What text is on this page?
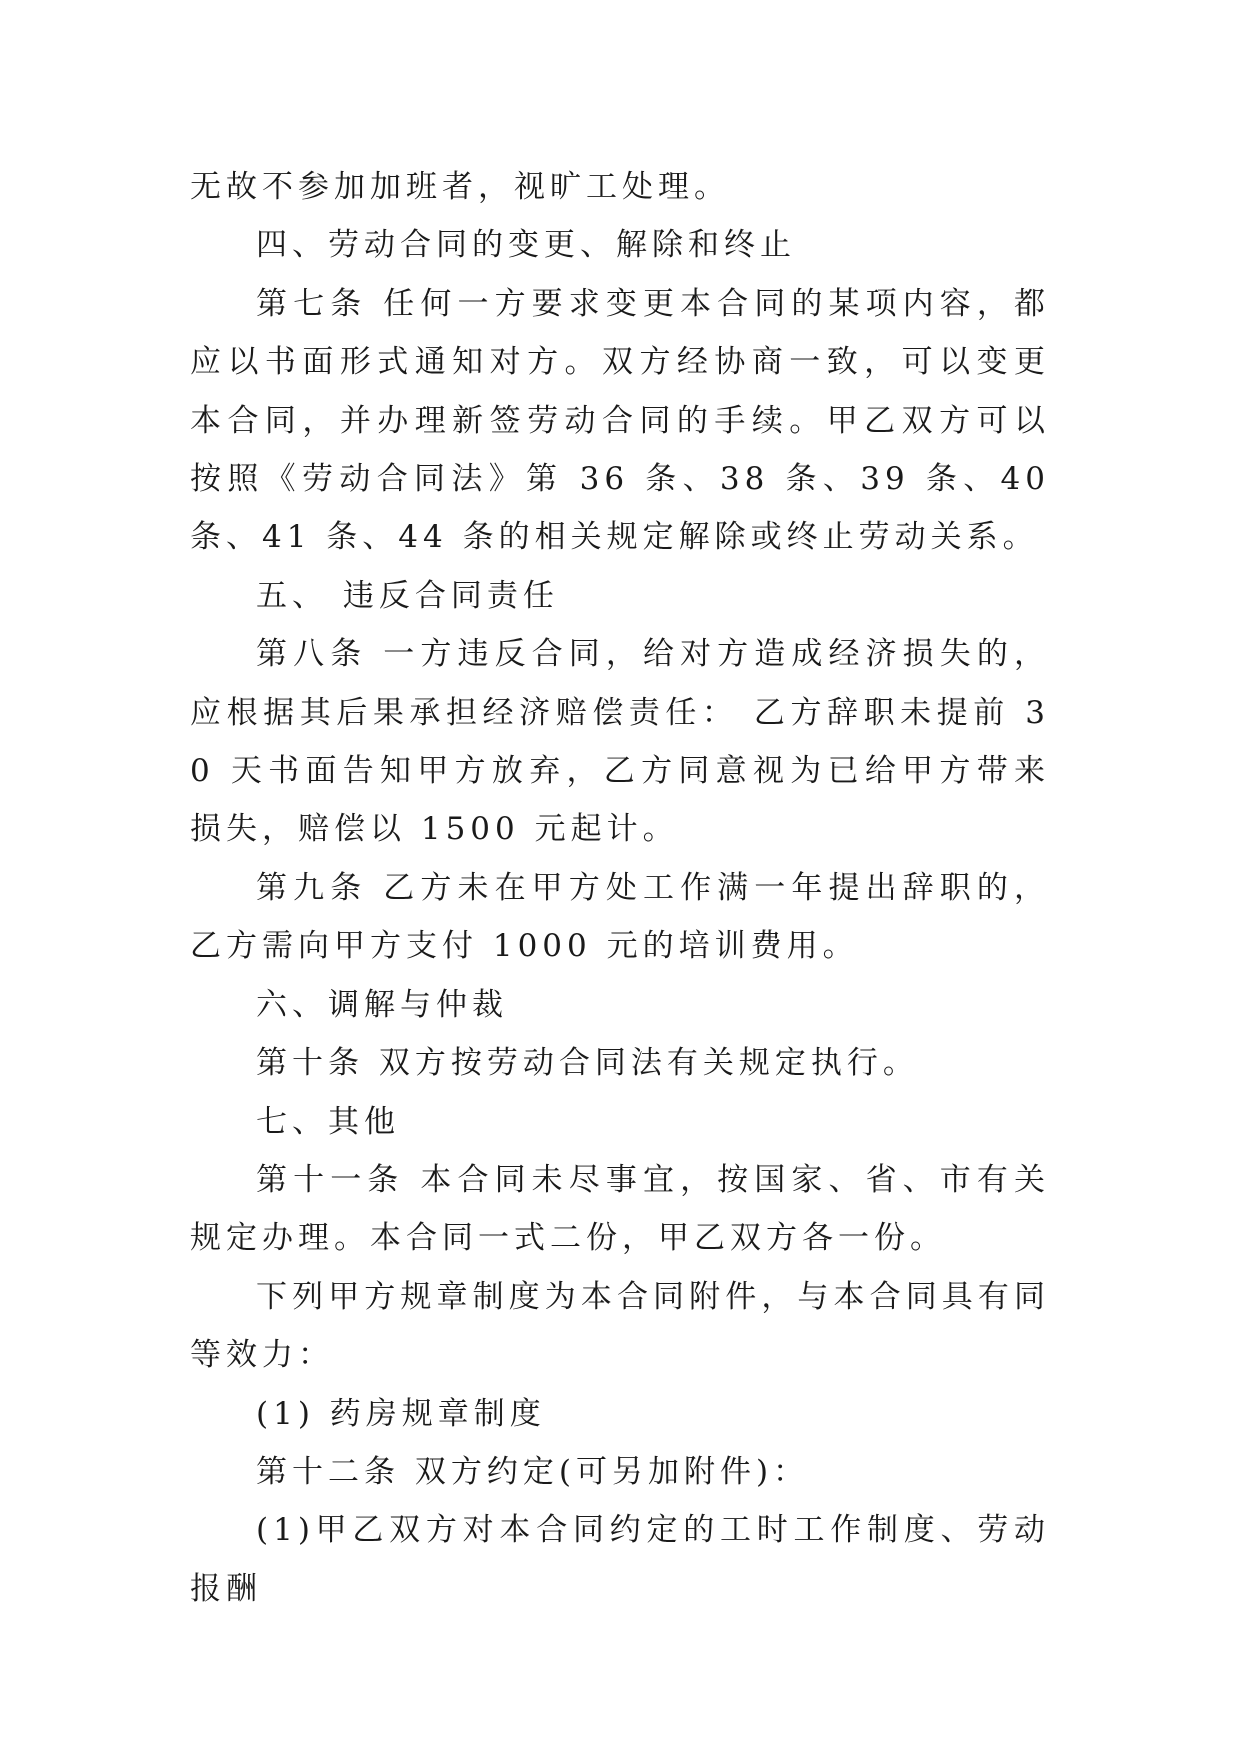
无故不参加加班者，视旷工处理。

四、劳动合同的变更、解除和终止

第七条 任何一方要求变更本合同的某项内容，都应以书面形式通知对方。双方经协商一致，可以变更本合同，并办理新签劳动合同的手续。甲乙双方可以按照《劳动合同法》第 36 条、38 条、39 条、40 条、41 条、44 条的相关规定解除或终止劳动关系。

五、 违反合同责任

第八条 一方违反合同，给对方造成经济损失的，应根据其后果承担经济赔偿责任： 乙方辞职未提前 30 天书面告知甲方放弃，乙方同意视为已给甲方带来损失，赔偿以 1500 元起计。

第九条 乙方未在甲方处工作满一年提出辞职的，乙方需向甲方支付 1000 元的培训费用。

六、调解与仲裁

第十条 双方按劳动合同法有关规定执行。

七、其他

第十一条 本合同未尽事宜，按国家、省、市有关规定办理。本合同一式二份，甲乙双方各一份。

下列甲方规章制度为本合同附件，与本合同具有同等效力：

(1) 药房规章制度

第十二条 双方约定(可另加附件)：

(1)甲乙双方对本合同约定的工时工作制度、劳动报酬
